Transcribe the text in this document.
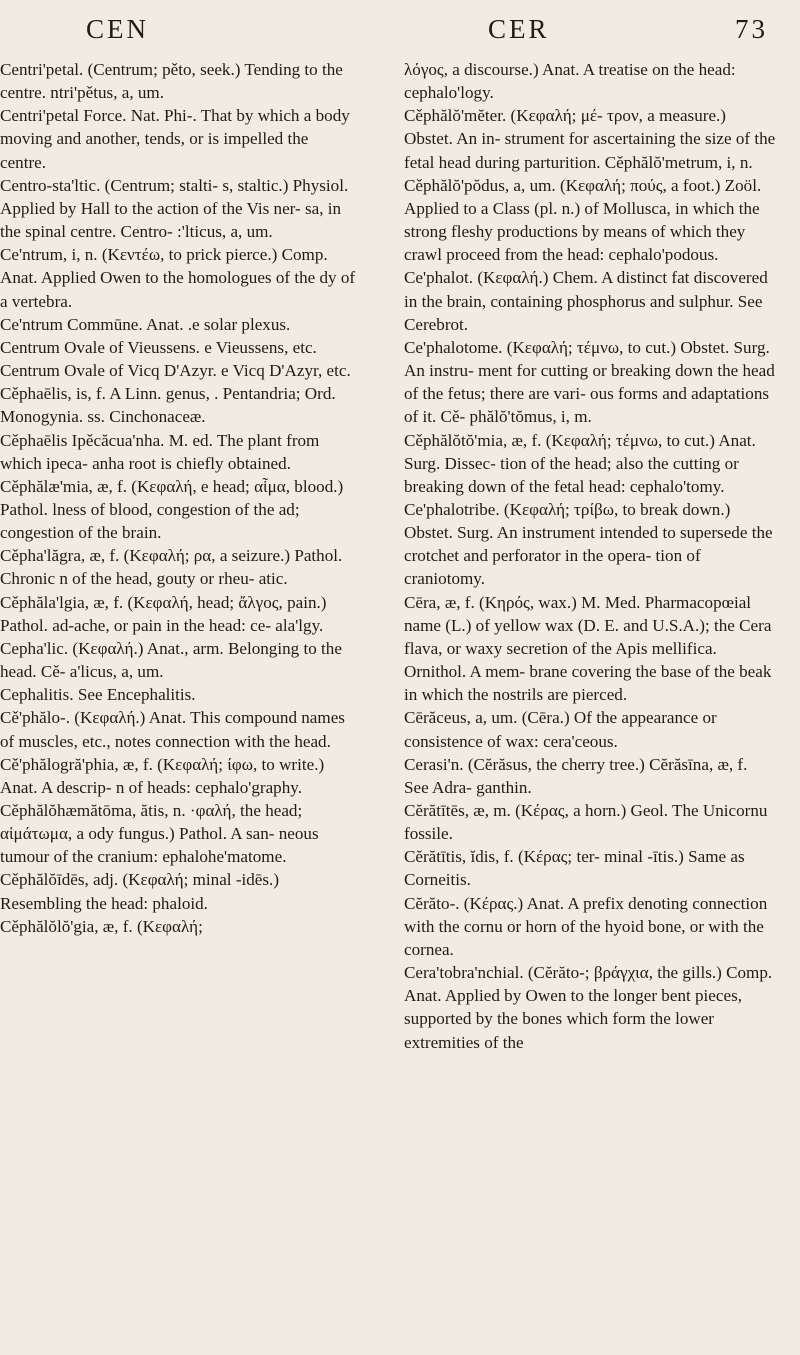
CEN	CER	73

Centri'petal. (Centrum; pěto, seek.) Tending to the centre. ntri'pětus, a, um.

Centri'petal Force. Nat. Phi-. That by which a body moving and another, tends, or is impelled the centre.

Centro-sta'ltic. (Centrum; stalti- s, staltic.) Physiol. Applied by Hall to the action of the Vis ner- sa, in the spinal centre. Centro- :'lticus, a, um.

Ce'ntrum, i, n. (Κεντέω, to prick pierce.) Comp. Anat. Applied Owen to the homologues of the dy of a vertebra.

Ce'ntrum Commūne. Anat. .e solar plexus.

Centrum Ovale of Vieussens. e Vieussens, etc.

Centrum Ovale of Vicq D'Azyr. e Vicq D'Azyr, etc.

Cěphaēlis, is, f. A Linn. genus, . Pentandria; Ord. Monogynia. ss. Cinchonaceæ.

Cěphaēlis Ipěcăcua'nha. M. ed. The plant from which ipeca- anha root is chiefly obtained.

Cěphălæ'mia, æ, f. (Κεφαλή, e head; αἷμα, blood.) Pathol. lness of blood, congestion of the ad; congestion of the brain.

Cěpha'lăgra, æ, f. (Κεφαλή; ρα, a seizure.) Pathol. Chronic n of the head, gouty or rheu- atic.

Cěphăla'lgia, æ, f. (Κεφαλή, head; ἄλγος, pain.) Pathol. ad-ache, or pain in the head: ce- ala'lgy.

Cepha'lic. (Κεφαλή.) Anat., arm. Belonging to the head. Cě- a'licus, a, um.

Cephalitis. See Encephalitis.

Cě'phălo-. (Κεφαλή.) Anat. This compound names of muscles, etc., notes connection with the head.

Cě'phălogră'phia, æ, f. (Κεφαλή; ίφω, to write.) Anat. A descrip- n of heads: cephalo'graphy.

Cěphălŏhæmătōma, ătis, n. ·φαλή, the head; αἱμάτωμα, a ody fungus.) Pathol. A san- neous tumour of the cranium: ephalohe'matome.

Cěphălŏīdēs, adj. (Κεφαλή; minal -idēs.) Resembling the head: phaloid.

Cěphălŏlŏ'gia, æ, f. (Κεφαλή;

λόγος, a discourse.) Anat. A treatise on the head: cephalo'logy.

Cěphălŏ'mĕter. (Κεφαλή; μέ- τρον, a measure.) Obstet. An in- strument for ascertaining the size of the fetal head during parturition. Cěphălŏ'metrum, i, n.

Cěphălŏ'pŏdus, a, um. (Κεφαλή; πούς, a foot.) Zoöl. Applied to a Class (pl. n.) of Mollusca, in which the strong fleshy productions by means of which they crawl proceed from the head: cephalo'podous.

Ce'phalot. (Κεφαλή.) Chem. A distinct fat discovered in the brain, containing phosphorus and sulphur. See Cerebrot.

Ce'phalotome. (Κεφαλή; τέμνω, to cut.) Obstet. Surg. An instru- ment for cutting or breaking down the head of the fetus; there are vari- ous forms and adaptations of it. Cě- phălŏ'tŏmus, i, m.

Cěphălŏtŏ'mia, æ, f. (Κεφαλή; τέμνω, to cut.) Anat. Surg. Dissec- tion of the head; also the cutting or breaking down of the fetal head: cephalo'tomy.

Ce'phalotribe. (Κεφαλή; τρίβω, to break down.) Obstet. Surg. An instrument intended to supersede the crotchet and perforator in the opera- tion of craniotomy.

Cēra, æ, f. (Κηρός, wax.) M. Med. Pharmacopœial name (L.) of yellow wax (D. E. and U.S.A.); the Cera flava, or waxy secretion of the Apis mellifica. Ornithol. A mem- brane covering the base of the beak in which the nostrils are pierced.

Cērăceus, a, um. (Cēra.) Of the appearance or consistence of wax: cera'ceous.

Cerasi'n. (Cĕrăsus, the cherry tree.) Cĕrăsīna, æ, f. See Adra- ganthin.

Cĕrătītēs, æ, m. (Κέρας, a horn.) Geol. The Unicornu fossile.

Cĕrătītis, ĭdis, f. (Κέρας; ter- minal -ītis.) Same as Corneitis.

Cĕrăto-. (Κέρας.) Anat. A prefix denoting connection with the cornu or horn of the hyoid bone, or with the cornea.

Cera'tobra'nchial. (Cĕrăto-; βράγχια, the gills.) Comp. Anat. Applied by Owen to the longer bent pieces, supported by the bones which form the lower extremities of the
